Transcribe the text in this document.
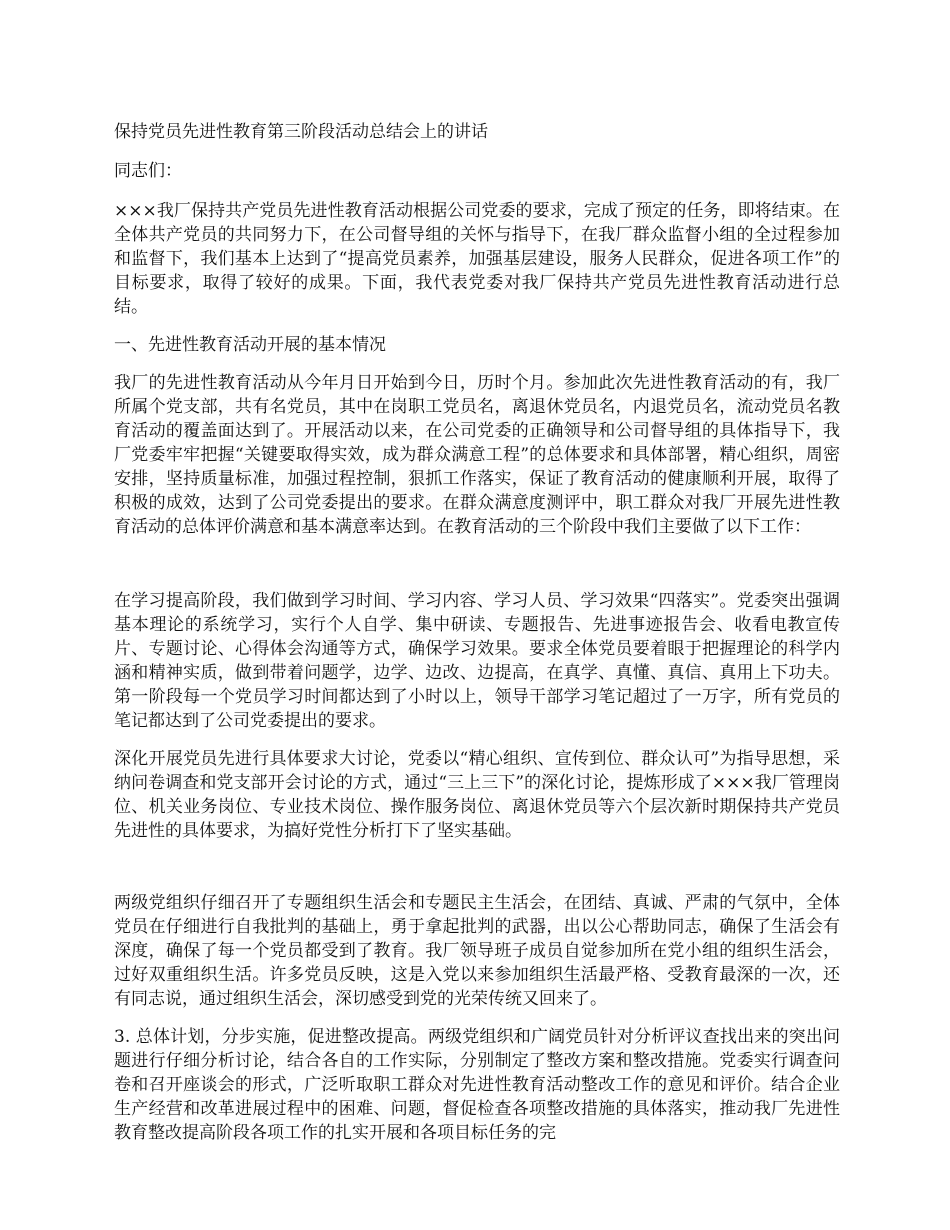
保持党员先进性教育第三阶段活动总结会上的讲话

同志们：

×××我厂保持共产党员先进性教育活动根据公司党委的要求，完成了预定的任务，即将结束。在全体共产党员的共同努力下，在公司督导组的关怀与指导下，在我厂群众监督小组的全过程参加和监督下，我们基本上达到了“提高党员素养，加强基层建设，服务人民群众，促进各项工作”的目标要求，取得了较好的成果。下面，我代表党委对我厂保持共产党员先进性教育活动进行总结。

一、先进性教育活动开展的基本情况

我厂的先进性教育活动从今年月日开始到今日，历时个月。参加此次先进性教育活动的有，我厂所属个党支部，共有名党员，其中在岗职工党员名，离退休党员名，内退党员名，流动党员名教育活动的覆盖面达到了。开展活动以来，在公司党委的正确领导和公司督导组的具体指导下，我厂党委牢牢把握“关键要取得实效，成为群众满意工程”的总体要求和具体部署，精心组织，周密安排，坚持质量标准，加强过程控制，狠抓工作落实，保证了教育活动的健康顺利开展，取得了积极的成效，达到了公司党委提出的要求。在群众满意度测评中，职工群众对我厂开展先进性教育活动的总体评价满意和基本满意率达到。在教育活动的三个阶段中我们主要做了以下工作：

在学习提高阶段，我们做到学习时间、学习内容、学习人员、学习效果“四落实”。党委突出强调基本理论的系统学习，实行个人自学、集中研读、专题报告、先进事迹报告会、收看电教宣传片、专题讨论、心得体会沟通等方式，确保学习效果。要求全体党员要着眼于把握理论的科学内涵和精神实质，做到带着问题学，边学、边改、边提高，在真学、真懂、真信、真用上下功夫。第一阶段每一个党员学习时间都达到了小时以上，领导干部学习笔记超过了一万字，所有党员的笔记都达到了公司党委提出的要求。

深化开展党员先进行具体要求大讨论，党委以“精心组织、宣传到位、群众认可”为指导思想，采纳问卷调查和党支部开会讨论的方式，通过“三上三下”的深化讨论，提炼形成了×××我厂管理岗位、机关业务岗位、专业技术岗位、操作服务岗位、离退休党员等六个层次新时期保持共产党员先进性的具体要求，为搞好党性分析打下了坚实基础。

两级党组织仔细召开了专题组织生活会和专题民主生活会，在团结、真诚、严肃的气氛中，全体党员在仔细进行自我批判的基础上，勇于拿起批判的武器，出以公心帮助同志，确保了生活会有深度，确保了每一个党员都受到了教育。我厂领导班子成员自觉参加所在党小组的组织生活会，过好双重组织生活。许多党员反映，这是入党以来参加组织生活最严格、受教育最深的一次，还有同志说，通过组织生活会，深切感受到党的光荣传统又回来了。

3. 总体计划，分步实施，促进整改提高。两级党组织和广阔党员针对分析评议查找出来的突出问题进行仔细分析讨论，结合各自的工作实际，分别制定了整改方案和整改措施。党委实行调查问卷和召开座谈会的形式，广泛听取职工群众对先进性教育活动整改工作的意见和评价。结合企业生产经营和改革进展过程中的困难、问题，督促检查各项整改措施的具体落实，推动我厂先进性教育整改提高阶段各项工作的扎实开展和各项目标任务的完
